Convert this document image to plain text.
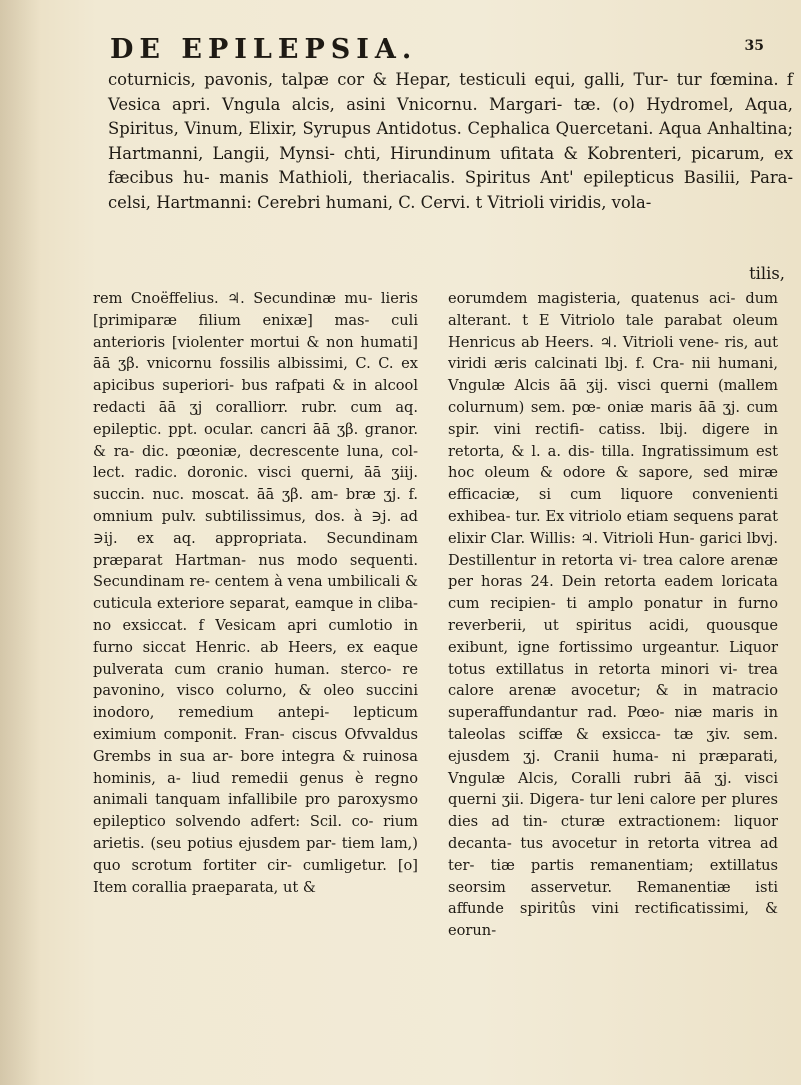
DE EPILEPSIA.	35
coturnicis, pavonis, talpæ cor & Hepar, testiculi equi, galli, Tur- tur fœmina. f Vesica apri. Vngula alcis, asini Vnicornu. Margari- tæ. (o) Hydromel, Aqua, Spiritus, Vinum, Elixir, Syrupus Antidotus. Cephalica Quercetani. Aqua Anhaltina; Hartmanni, Langii, Mynsi- chti, Hirundinum ufitata & Kobrenteri, picarum, ex fæcibus hu- manis Mathioli, theriacalis. Spiritus Ant' epilepticus Basilii, Para- celsi, Hartmanni: Cerebri humani, C. Cervi. t Vitrioli viridis, vola-
tilis,
rem Cnoëffelius. ♃. Secundinæ mu- lieris [primiparæ filium enixæ] mas- culi anterioris [violenter mortui & non humati] āā ʒβ. vnicornu fossilis albissimi, C. C. ex apicibus superiori- bus rafpati & in alcool redacti āā ʒj coralliorr. rubr. cum aq. epileptic. ppt. ocular. cancri āā ʒβ. granor. & ra- dic. pœoniæ, decrescente luna, col- lect. radic. doronic. visci querni, āā ʒiij. succin. nuc. moscat. āā ʒβ. am- bræ ʒj. f. omnium pulv. subtilissimus, dos. à ∋j. ad ∋ij. ex aq. appropriata. Secundinam præparat Hartman- nus modo sequenti. Secundinam re- centem à vena umbilicali & cuticula exteriore separat, eamque in cliba- no exsiccat. f Vesicam apri cumlotio in furno siccat Henric. ab Heers, ex eaque pulverata cum cranio human. sterco- re pavonino, visco colurno, & oleo succini inodoro, remedium antepi- lepticum eximium componit. Fran- ciscus Ofvvaldus Grembs in sua ar- bore integra & ruinosa hominis, a- liud remedii genus è regno animali tanquam infallibile pro paroxysmo epileptico solvendo adfert: Scil. co- rium arietis. (seu potius ejusdem par- tiem lam,) quo scrotum fortiter cir- cumligetur. [o] Item corallia praeparata, ut &
eorumdem magisteria, quatenus aci- dum alterant. t E Vitriolo tale parabat oleum Henricus ab Heers. ♃. Vitrioli vene- ris, aut viridi æris calcinati lbj. f. Cra- nii humani, Vngulæ Alcis āā ʒij. visci querni (mallem colurnum) sem. pœ- oniæ maris āā ʒj. cum spir. vini rectifi- catiss. lbij. digere in retorta, & l. a. dis- tilla. Ingratissimum est hoc oleum & odore & sapore, sed miræ efficaciæ, si cum liquore convenienti exhibea- tur. Ex vitriolo etiam sequens parat elixir Clar. Willis: ♃. Vitrioli Hun- garici lbvj. Destillentur in retorta vi- trea calore arenæ per horas 24. Dein retorta eadem loricata cum recipien- ti amplo ponatur in furno reverberii, ut spiritus acidi, quousque exibunt, igne fortissimo urgeantur. Liquor totus extillatus in retorta minori vi- trea calore arenæ avocetur; & in matracio superaffundantur rad. Pœo- niæ maris in taleolas sciffæ & exsicca- tæ ʒiv. sem. ejusdem ʒj. Cranii huma- ni præparati, Vngulæ Alcis, Coralli rubri āā ʒj. visci querni ʒii. Digera- tur leni calore per plures dies ad tin- cturæ extractionem: liquor decanta- tus avocetur in retorta vitrea ad ter- tiæ partis remanentiam; extillatus seorsim asservetur. Remanentiæ isti affunde spiritûs vini rectificatissimi, & eorun-
